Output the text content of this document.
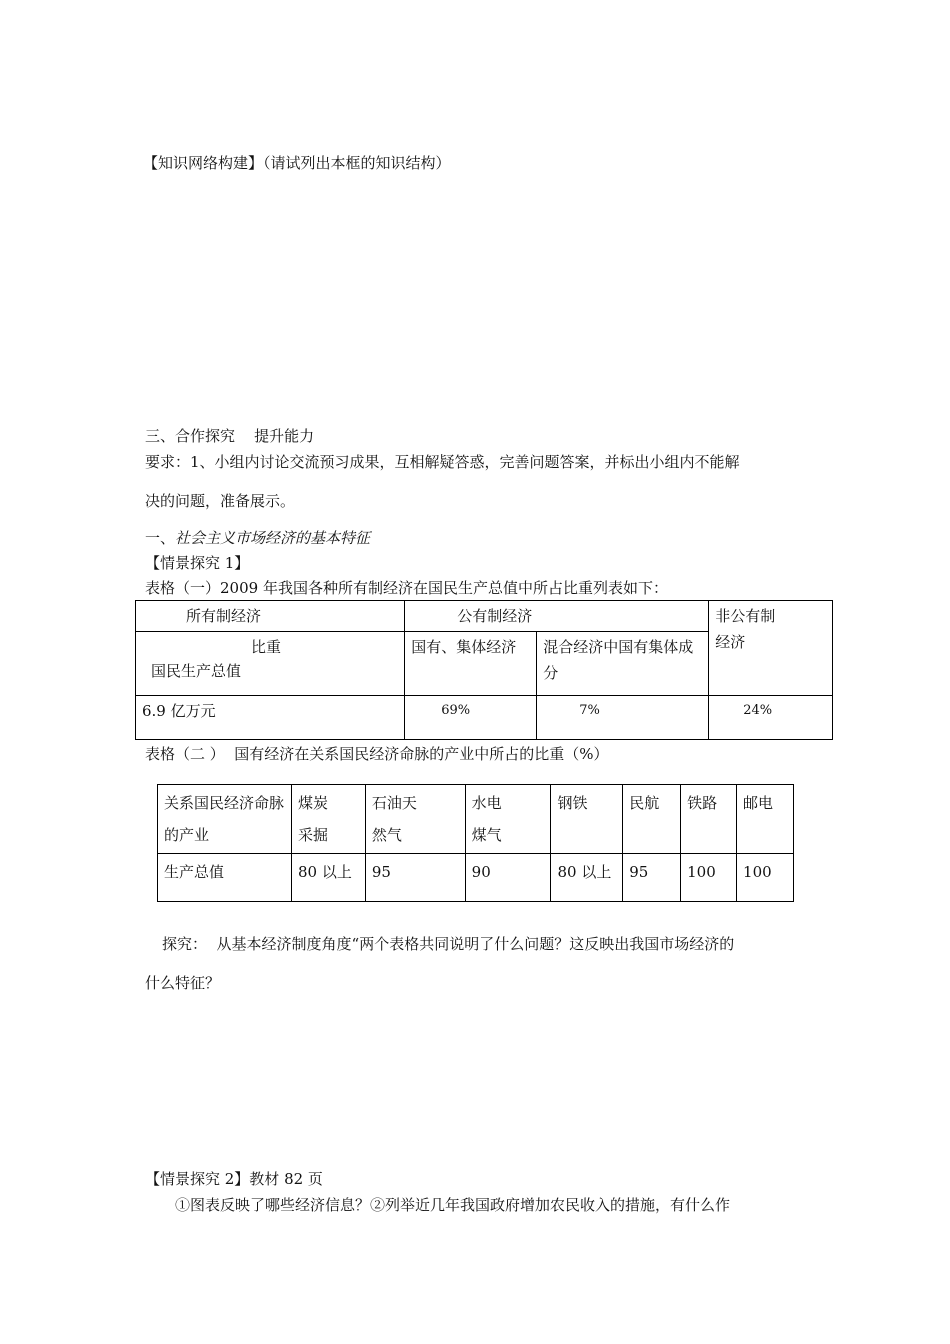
【知识网络构建】（请试列出本框的知识结构）
三、合作探究    提升能力
要求：1、小组内讨论交流预习成果，互相解疑答惑，完善问题答案，并标出小组内不能解
决的问题，准备展示。
一、社会主义市场经济的基本特征
【情景探究 1】
表格（一）2009 年我国各种所有制经济在国民生产总值中所占比重列表如下：
所有制经济	公有制经济		非公有制经济

比重
国民生产总值	国有、集体经济	混合经济中国有集体成分	

6.9 亿万元	69%	7%	24%
表格（二 ）  国有经济在关系国民经济命脉的产业中所占的比重（%）
关系国民经济命脉的产业	煤炭采掘	石油天然气	水电煤气	钢铁	民航	铁路	邮电

生产总值	80 以上	95	90	80 以上	95	100	100
探究：  从基本经济制度角度“两个表格共同说明了什么问题？这反映出我国市场经济的
什么特征？
【情景探究 2】教材 82 页
①图表反映了哪些经济信息？②列举近几年我国政府增加农民收入的措施，有什么作
